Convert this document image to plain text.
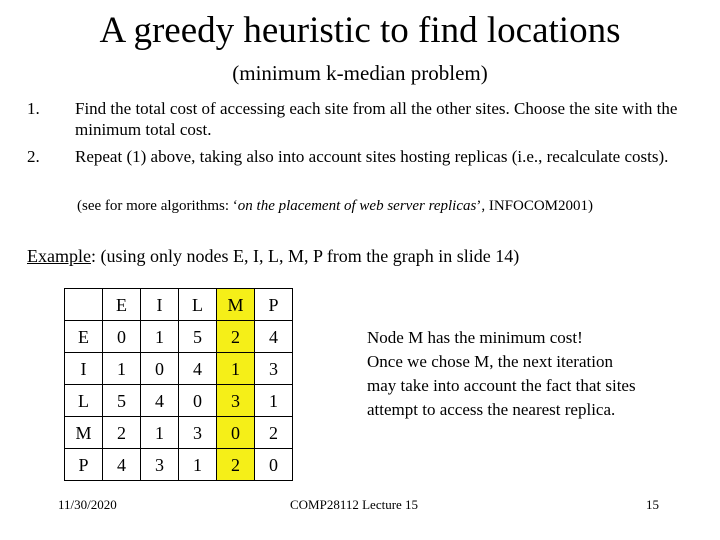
A greedy heuristic to find locations
(minimum k-median problem)
1. Find the total cost of accessing each site from all the other sites. Choose the site with the minimum total cost.
2. Repeat (1) above, taking also into account sites hosting replicas (i.e., recalculate costs).
(see for more algorithms: ‘on the placement of web server replicas’, INFOCOM2001)
Example: (using only nodes E, I, L, M, P from the graph in slide 14)
	E	I	L	M	P
E	0	1	5	2	4
I	1	0	4	1	3
L	5	4	0	3	1
M	2	1	3	0	2
P	4	3	1	2	0
Node M has the minimum cost!
Once we chose M, the next iteration
may take into account the fact that sites
attempt to access the nearest replica.
11/30/2020	COMP28112 Lecture 15	15
